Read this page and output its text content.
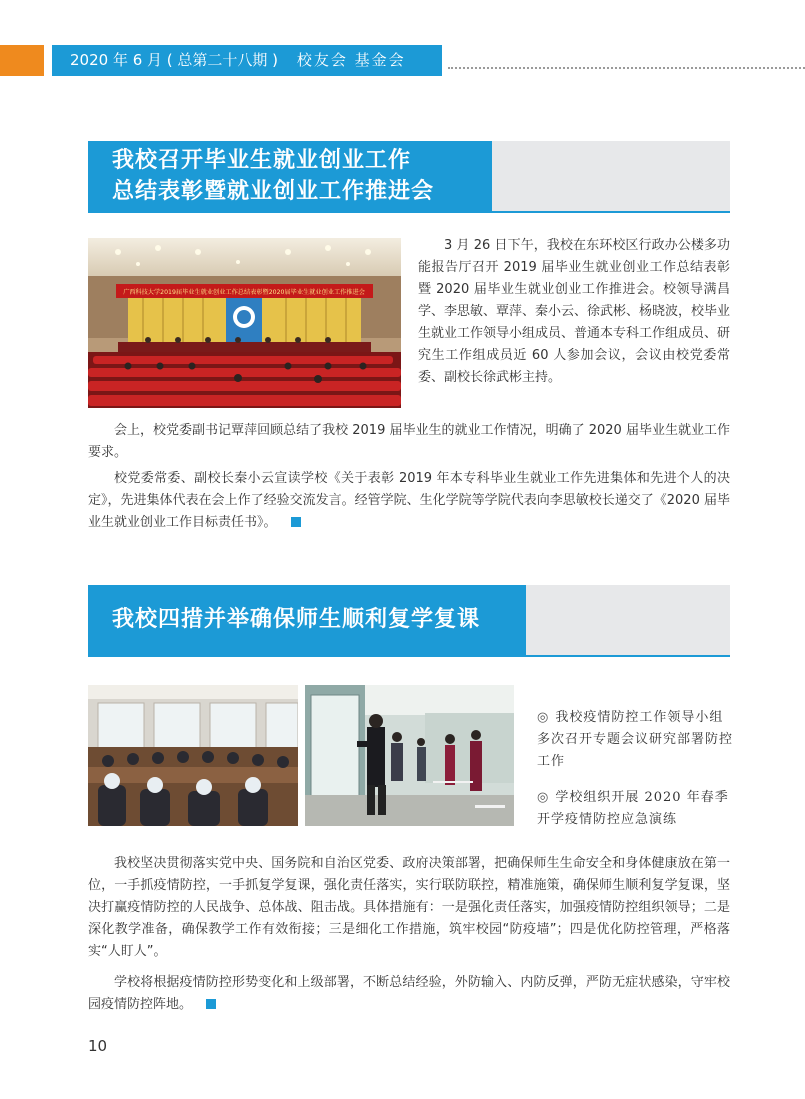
2020 年 6 月 ( 总第二十八期 ) 校友会 基金会
我校召开毕业生就业创业工作
总结表彰暨就业创业工作推进会
广西科技大学2019届毕业生就业创业工作总结表彰暨2020届毕业生就业创业工作推进会

3 月 26 日下午，我校在东环校区行政办公楼多功能报告厅召开 2019 届毕业生就业创业工作总结表彰暨 2020 届毕业生就业创业工作推进会。校领导满昌学、李思敏、覃萍、秦小云、徐武彬、杨晓波，校毕业生就业工作领导小组成员、普通本专科工作组成员、研究生工作组成员近 60 人参加会议，会议由校党委常委、副校长徐武彬主持。

会上，校党委副书记覃萍回顾总结了我校 2019 届毕业生的就业工作情况，明确了 2020 届毕业生就业工作要求。

校党委常委、副校长秦小云宣读学校《关于表彰 2019 年本专科毕业生就业工作先进集体和先进个人的决定》，先进集体代表在会上作了经验交流发言。经管学院、生化学院等学院代表向李思敏校长递交了《2020 届毕业生就业创业工作目标责任书》。

我校四措并举确保师生顺利复学复课
◎ 我校疫情防控工作领导小组多次召开专题会议研究部署防控工作
◎ 学校组织开展 2020 年春季开学疫情防控应急演练

我校坚决贯彻落实党中央、国务院和自治区党委、政府决策部署，把确保师生生命安全和身体健康放在第一位，一手抓疫情防控，一手抓复学复课，强化责任落实，实行联防联控，精准施策，确保师生顺利复学复课，坚决打赢疫情防控的人民战争、总体战、阻击战。具体措施有：一是强化责任落实，加强疫情防控组织领导；二是深化教学准备，确保教学工作有效衔接；三是细化工作措施，筑牢校园“防疫墙”；四是优化防控管理，严格落实“人盯人”。

学校将根据疫情防控形势变化和上级部署，不断总结经验，外防输入、内防反弹，严防无症状感染，守牢校园疫情防控阵地。

10
